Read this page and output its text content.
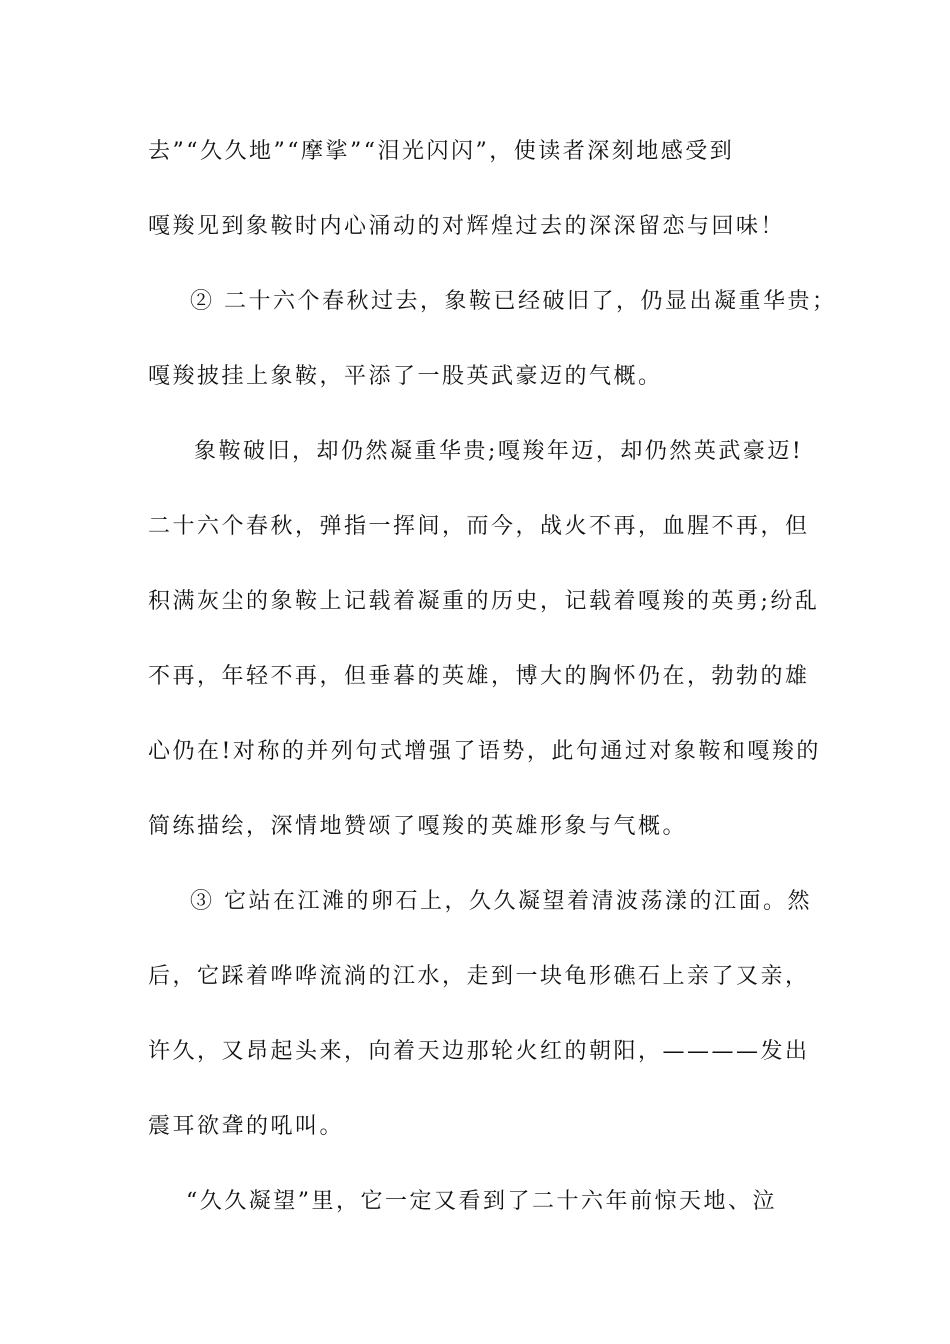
去”“久久地”“摩挲”“泪光闪闪”，使读者深刻地感受到
嘎羧见到象鞍时内心涌动的对辉煌过去的深深留恋与回味！
② 二十六个春秋过去，象鞍已经破旧了，仍显出凝重华贵；
嘎羧披挂上象鞍，平添了一股英武豪迈的气概。
象鞍破旧，却仍然凝重华贵;嘎羧年迈，却仍然英武豪迈!
二十六个春秋，弹指一挥间，而今，战火不再，血腥不再，但
积满灰尘的象鞍上记载着凝重的历史，记载着嘎羧的英勇;纷乱
不再，年轻不再，但垂暮的英雄，博大的胸怀仍在，勃勃的雄
心仍在!对称的并列句式增强了语势，此句通过对象鞍和嘎羧的
简练描绘，深情地赞颂了嘎羧的英雄形象与气概。
③ 它站在江滩的卵石上，久久凝望着清波荡漾的江面。然
后，它踩着哗哗流淌的江水，走到一块龟形礁石上亲了又亲，
许久，又昂起头来，向着天边那轮火红的朝阳，————发出
震耳欲聋的吼叫。
“久久凝望”里，它一定又看到了二十六年前惊天地、泣
